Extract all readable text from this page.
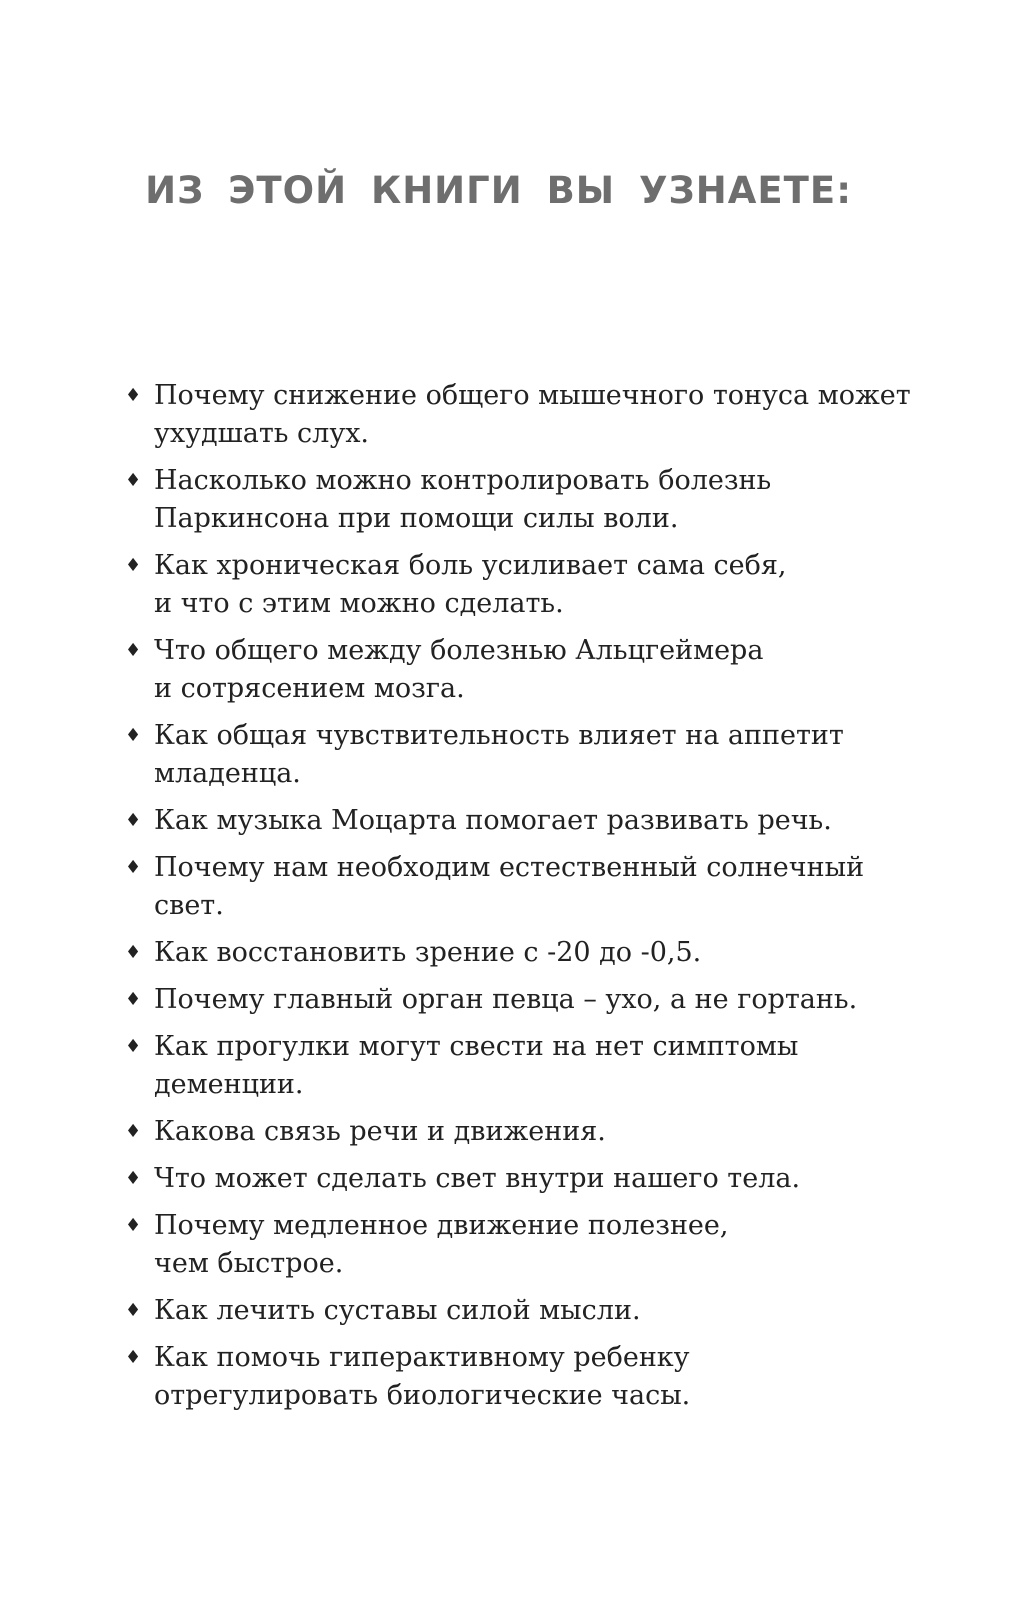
ИЗ ЭТОЙ КНИГИ ВЫ УЗНАЕТЕ:
♦ Почему снижение общего мышечного тонуса может
ухудшать слух.
♦ Насколько можно контролировать болезнь
Паркинсона при помощи силы воли.
♦ Как хроническая боль усиливает сама себя,
и что с этим можно сделать.
♦ Что общего между болезнью Альцгеймера
и сотрясением мозга.
♦ Как общая чувствительность влияет на аппетит
младенца.
♦ Как музыка Моцарта помогает развивать речь.
♦ Почему нам необходим естественный солнечный
свет.
♦ Как восстановить зрение с -20 до -0,5.
♦ Почему главный орган певца – ухо, а не гортань.
♦ Как прогулки могут свести на нет симптомы
деменции.
♦ Какова связь речи и движения.
♦ Что может сделать свет внутри нашего тела.
♦ Почему медленное движение полезнее,
чем быстрое.
♦ Как лечить суставы силой мысли.
♦ Как помочь гиперактивному ребенку
отрегулировать биологические часы.
